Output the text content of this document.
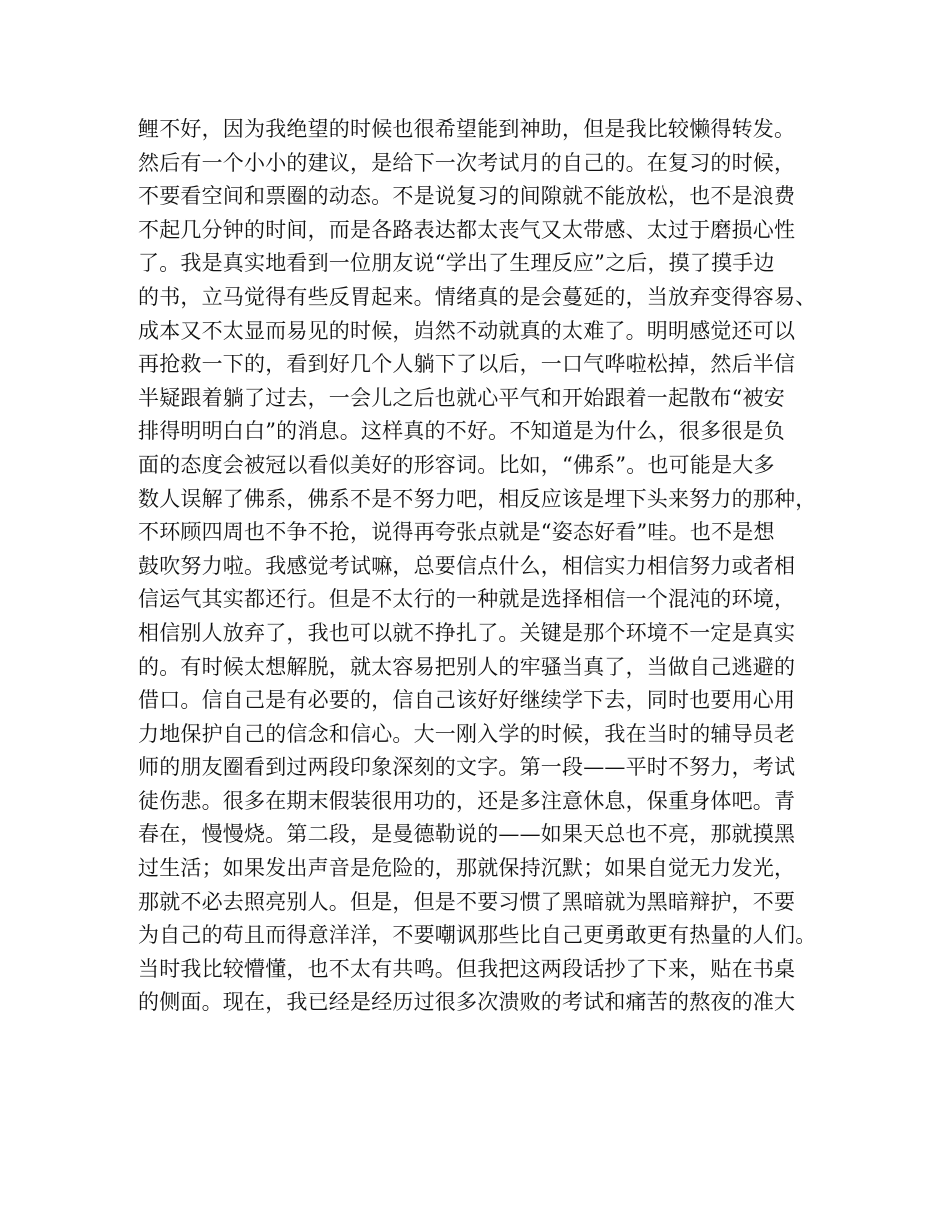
鲤不好，因为我绝望的时候也很希望能到神助，但是我比较懒得转发。
然后有一个小小的建议，是给下一次考试月的自己的。在复习的时候，
不要看空间和票圈的动态。不是说复习的间隙就不能放松，也不是浪费
不起几分钟的时间，而是各路表达都太丧气又太带感、太过于磨损心性
了。我是真实地看到一位朋友说“学出了生理反应”之后，摸了摸手边
的书，立马觉得有些反胃起来。情绪真的是会蔓延的，当放弃变得容易、
成本又不太显而易见的时候，岿然不动就真的太难了。明明感觉还可以
再抢救一下的，看到好几个人躺下了以后，一口气哗啦松掉，然后半信
半疑跟着躺了过去，一会儿之后也就心平气和开始跟着一起散布“被安
排得明明白白”的消息。这样真的不好。不知道是为什么，很多很是负
面的态度会被冠以看似美好的形容词。比如，“佛系”。也可能是大多
数人误解了佛系，佛系不是不努力吧，相反应该是埋下头来努力的那种，
不环顾四周也不争不抢，说得再夸张点就是“姿态好看”哇。也不是想
鼓吹努力啦。我感觉考试嘛，总要信点什么，相信实力相信努力或者相
信运气其实都还行。但是不太行的一种就是选择相信一个混沌的环境，
相信别人放弃了，我也可以就不挣扎了。关键是那个环境不一定是真实
的。有时候太想解脱，就太容易把别人的牢骚当真了，当做自己逃避的
借口。信自己是有必要的，信自己该好好继续学下去，同时也要用心用
力地保护自己的信念和信心。大一刚入学的时候，我在当时的辅导员老
师的朋友圈看到过两段印象深刻的文字。第一段——平时不努力，考试
徒伤悲。很多在期末假装很用功的，还是多注意休息，保重身体吧。青
春在，慢慢烧。第二段，是曼德勒说的——如果天总也不亮，那就摸黑
过生活；如果发出声音是危险的，那就保持沉默；如果自觉无力发光，
那就不必去照亮别人。但是，但是不要习惯了黑暗就为黑暗辩护，不要
为自己的苟且而得意洋洋，不要嘲讽那些比自己更勇敢更有热量的人们。
当时我比较懵懂，也不太有共鸣。但我把这两段话抄了下来，贴在书桌
的侧面。现在，我已经是经历过很多次溃败的考试和痛苦的熬夜的准大
